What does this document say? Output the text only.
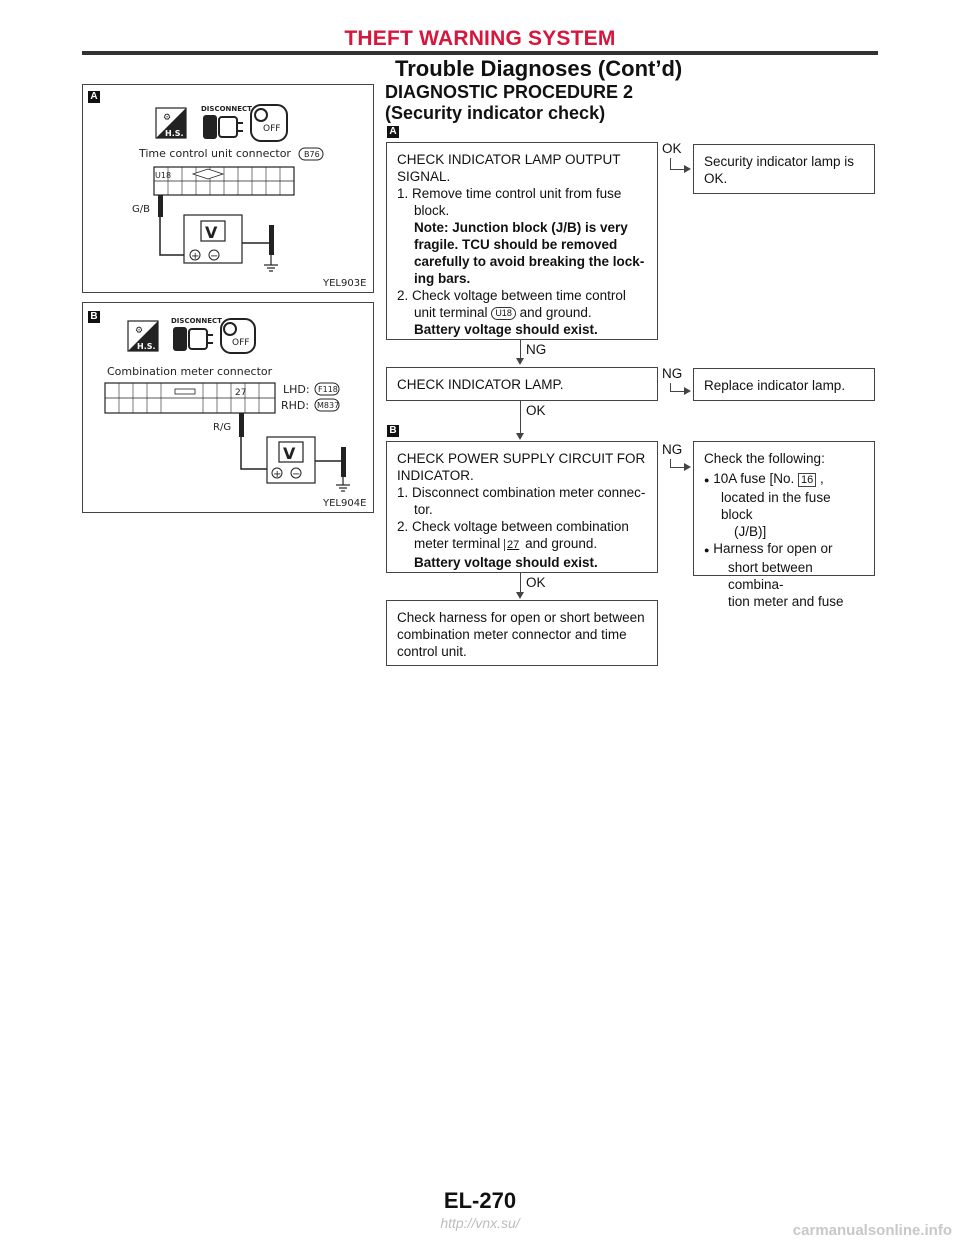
THEFT WARNING SYSTEM
Trouble Diagnoses (Cont’d)
DIAGNOSTIC PROCEDURE 2
(Security indicator check)
A
⚙
H.S.
DISCONNECT
OFF
Time control unit connector B76
U18
G/B
V
+ −
YEL903E
B
⚙
H.S.
DISCONNECT
OFF
Combination meter connector
27	LHD: F118
RHD: M837
R/G
V
+ −
YEL904E
A

CHECK INDICATOR LAMP OUTPUT

SIGNAL.

1. Remove time control unit from fuse

block.

Note: Junction block (J/B) is very

fragile. TCU should be removed

carefully to avoid breaking the lock-

ing bars.

2. Check voltage between time control

unit terminal U18 and ground.

Battery voltage should exist.

OK

Security indicator lamp is OK.

NG

CHECK INDICATOR LAMP.

NG

Replace indicator lamp.

OK
B

CHECK POWER SUPPLY CIRCUIT FOR

INDICATOR.

1. Disconnect combination meter connec-

tor.

2. Check voltage between combination

meter terminal 27 and ground.

Battery voltage should exist.

NG

Check the following:

● 10A fuse [No. 16 ,

located in the fuse block

(J/B)]

● Harness for open or

short between combina-

tion meter and fuse

OK

Check harness for open or short between

combination meter connector and time

control unit.

EL-270
http://vnx.su/	carmanualsonline.info
